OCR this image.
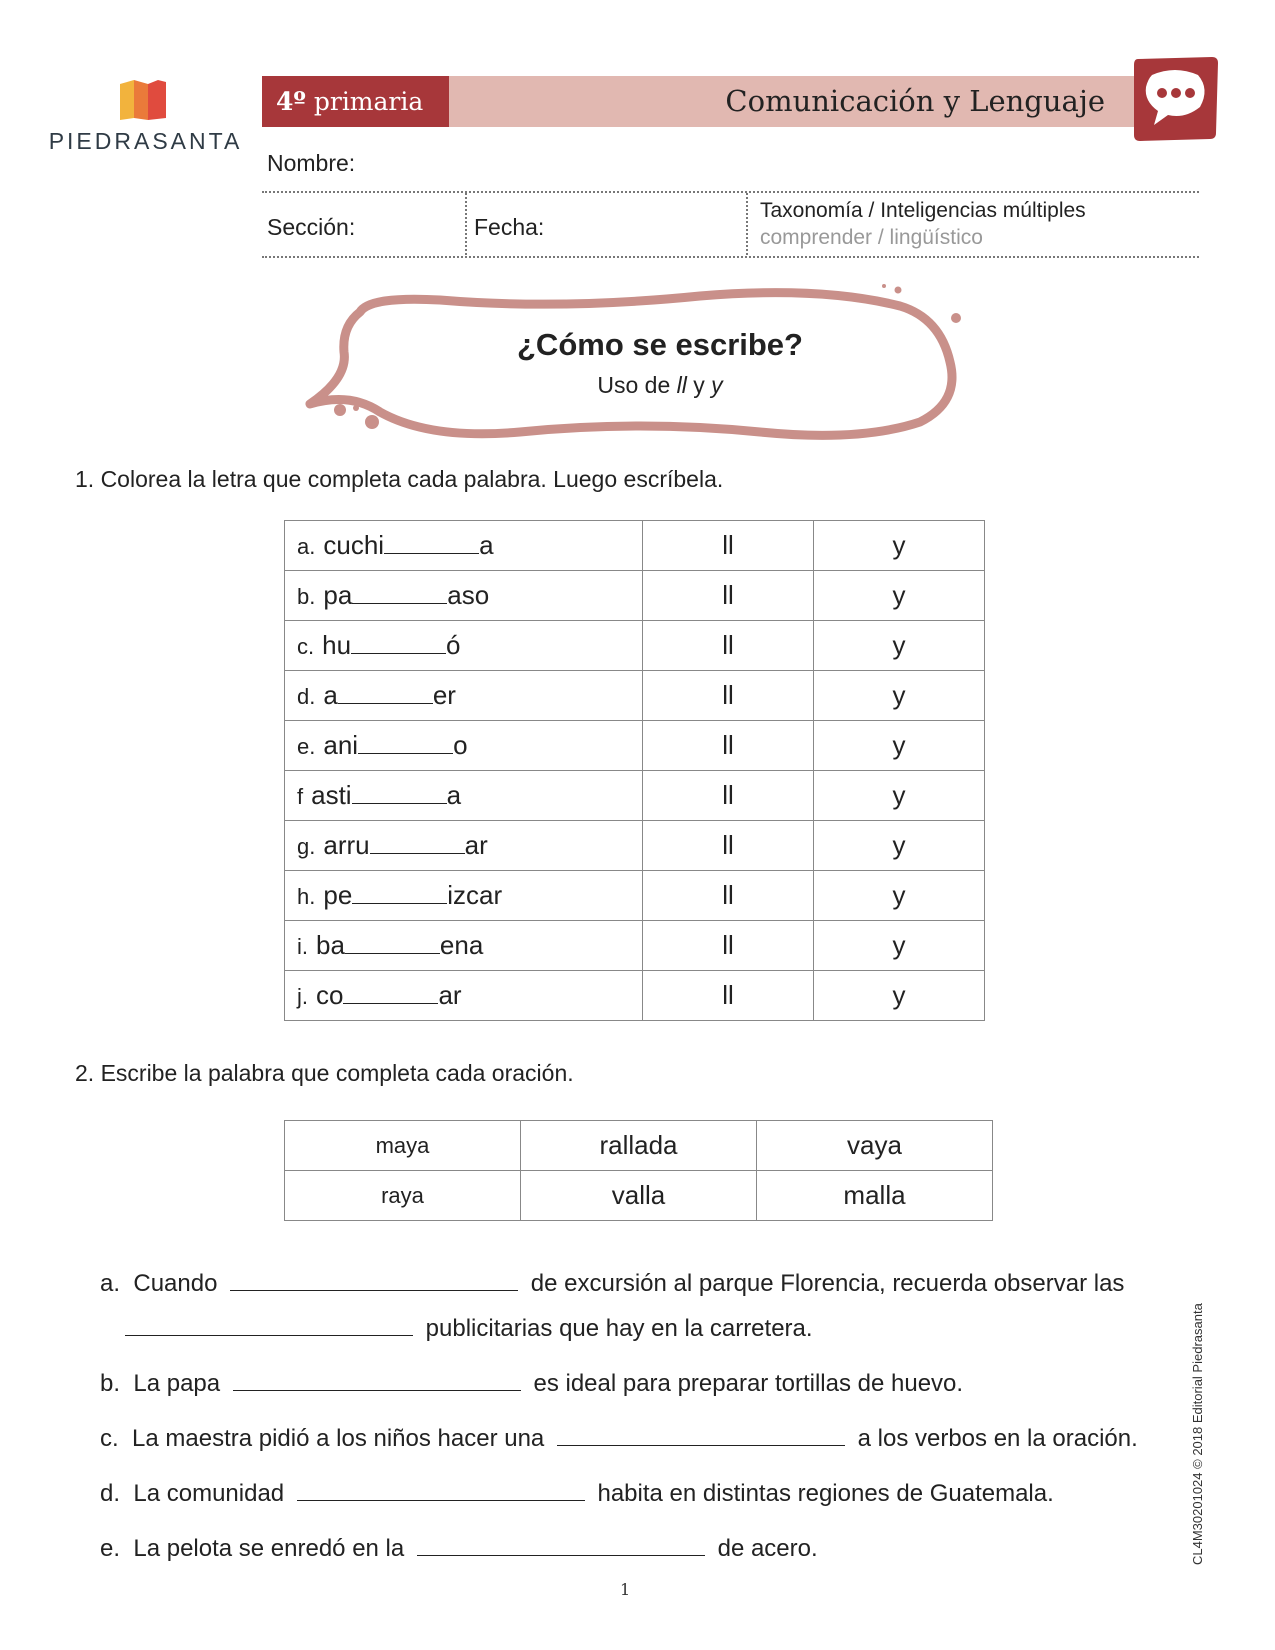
PIEDRASANTA
4º primaria	Comunicación y Lenguaje
Nombre:
Sección:	Fecha:
Taxonomía / Inteligencias múltiples
comprender / lingüístico
¿Cómo se escribe?
Uso de ll y y
1. Colorea la letra que completa cada palabra. Luego escríbela.
a. cuchi a	ll	y
b. pa aso	ll	y
c. hu ó	ll	y
d. a er	ll	y
e. ani o	ll	y
f asti a	ll	y
g. arru ar	ll	y
h. pe izcar	ll	y
i. ba ena	ll	y
j. co ar	ll	y
2. Escribe la palabra que completa cada oración.
maya	rallada	vaya
raya	valla	malla
a. Cuando	de excursión al parque Florencia, recuerda observar las
publicitarias que hay en la carretera.
b. La papa	es ideal para preparar tortillas de huevo.
c. La maestra pidió a los niños hacer una	a los verbos en la oración.
d. La comunidad	habita en distintas regiones de Guatemala.
e. La pelota se enredó en la	de acero.
1
CL4M30201024 © 2018 Editorial Piedrasanta
